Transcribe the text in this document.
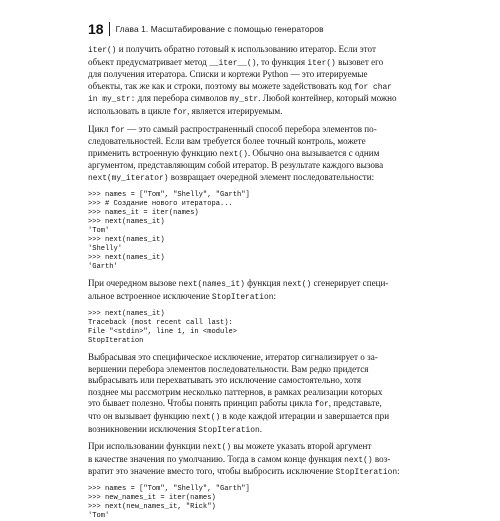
18	Глава 1. Масштабирование с помощью генераторов
iter() и получить обратно готовый к использованию итератор. Если этот
объект предусматривает метод __iter__(), то функция iter() вызовет его
для получения итератора. Списки и кортежи Python — это итерируемые
объекты, так же как и строки, поэтому вы можете задействовать код for char
in my_str: для перебора символов my_str. Любой контейнер, который можно
использовать в цикле for, является итерируемым.
Цикл for — это самый распространенный способ перебора элементов по-
следовательностей. Если вам требуется более точный контроль, можете
применить встроенную функцию next(). Обычно она вызывается с одним
аргументом, представляющим собой итератор. В результате каждого вызова
next(my_iterator) возвращает очередной элемент последовательности:
>>> names = ["Tom", "Shelly", "Garth"]
>>> # Создание нового итератора...
>>> names_it = iter(names)
>>> next(names_it)
'Tom'
>>> next(names_it)
'Shelly'
>>> next(names_it)
'Garth'
При очередном вызове next(names_it) функция next() сгенерирует специ-
альное встроенное исключение StopIteration:
>>> next(names_it)
Traceback (most recent call last):
File "<stdin>", line 1, in <module>
StopIteration
Выбрасывая это специфическое исключение, итератор сигнализирует о за-
вершении перебора элементов последовательности. Вам редко придется
выбрасывать или перехватывать это исключение самостоятельно, хотя
позднее мы рассмотрим несколько паттернов, в рамках реализации которых
это бывает полезно. Чтобы понять принцип работы цикла for, представьте,
что он вызывает функцию next() в коде каждой итерации и завершается при
возникновении исключения StopIteration.
При использовании функции next() вы можете указать второй аргумент
в качестве значения по умолчанию. Тогда в самом конце функция next() воз-
вратит это значение вместо того, чтобы выбросить исключение StopIteration:
>>> names = ["Tom", "Shelly", "Garth"]
>>> new_names_it = iter(names)
>>> next(new_names_it, "Rick")
'Tom'
